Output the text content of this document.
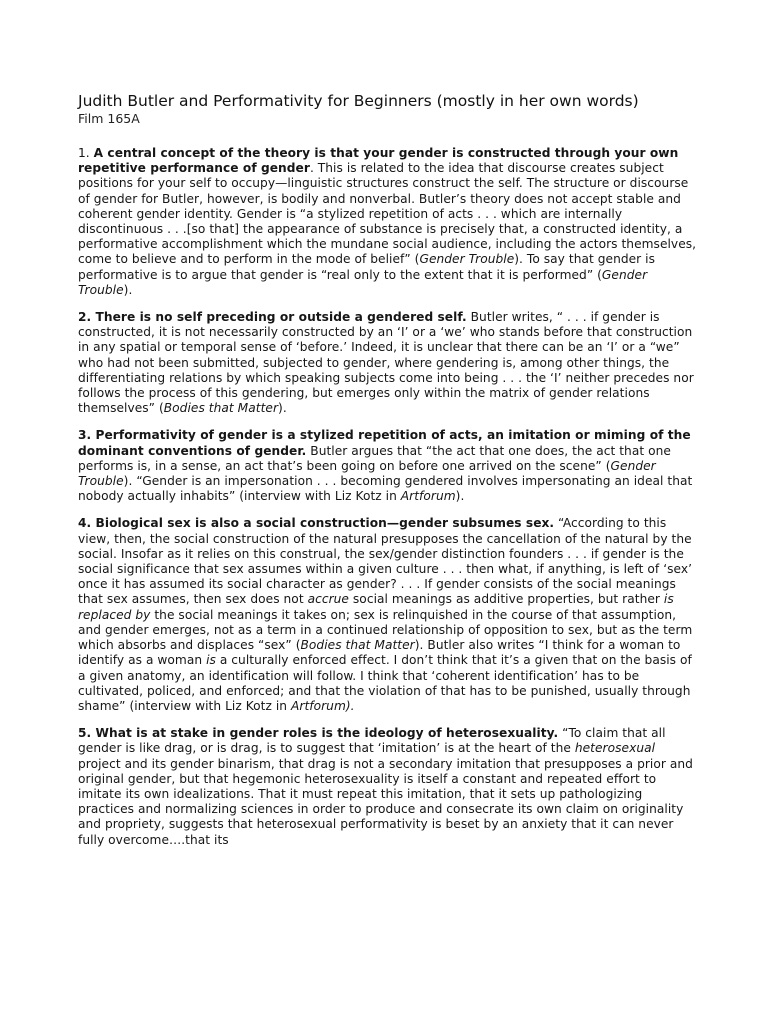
Judith Butler and Performativity for Beginners (mostly in her own words)
Film 165A

1. A central concept of the theory is that your gender is constructed through your own repetitive performance of gender. This is related to the idea that discourse creates subject positions for your self to occupy—linguistic structures construct the self. The structure or discourse of gender for Butler, however, is bodily and nonverbal. Butler’s theory does not accept stable and coherent gender identity. Gender is “a stylized repetition of acts . . . which are internally discontinuous . . .[so that] the appearance of substance is precisely that, a constructed identity, a performative accomplishment which the mundane social audience, including the actors themselves, come to believe and to perform in the mode of belief” (Gender Trouble). To say that gender is performative is to argue that gender is “real only to the extent that it is performed” (Gender Trouble).

2. There is no self preceding or outside a gendered self. Butler writes, “ . . . if gender is constructed, it is not necessarily constructed by an ‘I’ or a ‘we’ who stands before that construction in any spatial or temporal sense of ‘before.’ Indeed, it is unclear that there can be an ‘I’ or a “we” who had not been submitted, subjected to gender, where gendering is, among other things, the differentiating relations by which speaking subjects come into being . . . the ‘I’ neither precedes nor follows the process of this gendering, but emerges only within the matrix of gender relations themselves” (Bodies that Matter).

3. Performativity of gender is a stylized repetition of acts, an imitation or miming of the dominant conventions of gender. Butler argues that “the act that one does, the act that one performs is, in a sense, an act that’s been going on before one arrived on the scene” (Gender Trouble). “Gender is an impersonation . . . becoming gendered involves impersonating an ideal that nobody actually inhabits” (interview with Liz Kotz in Artforum).

4. Biological sex is also a social construction—gender subsumes sex. “According to this view, then, the social construction of the natural presupposes the cancellation of the natural by the social. Insofar as it relies on this construal, the sex/gender distinction founders . . . if gender is the social significance that sex assumes within a given culture . . . then what, if anything, is left of ‘sex’ once it has assumed its social character as gender? . . . If gender consists of the social meanings that sex assumes, then sex does not accrue social meanings as additive properties, but rather is replaced by the social meanings it takes on; sex is relinquished in the course of that assumption, and gender emerges, not as a term in a continued relationship of opposition to sex, but as the term which absorbs and displaces “sex” (Bodies that Matter). Butler also writes “I think for a woman to identify as a woman is a culturally enforced effect. I don’t think that it’s a given that on the basis of a given anatomy, an identification will follow. I think that ‘coherent identification’ has to be cultivated, policed, and enforced; and that the violation of that has to be punished, usually through shame” (interview with Liz Kotz in Artforum).

5. What is at stake in gender roles is the ideology of heterosexuality. “To claim that all gender is like drag, or is drag, is to suggest that ‘imitation’ is at the heart of the heterosexual project and its gender binarism, that drag is not a secondary imitation that presupposes a prior and original gender, but that hegemonic heterosexuality is itself a constant and repeated effort to imitate its own idealizations. That it must repeat this imitation, that it sets up pathologizing practices and normalizing sciences in order to produce and consecrate its own claim on originality and propriety, suggests that heterosexual performativity is beset by an anxiety that it can never fully overcome….that its
